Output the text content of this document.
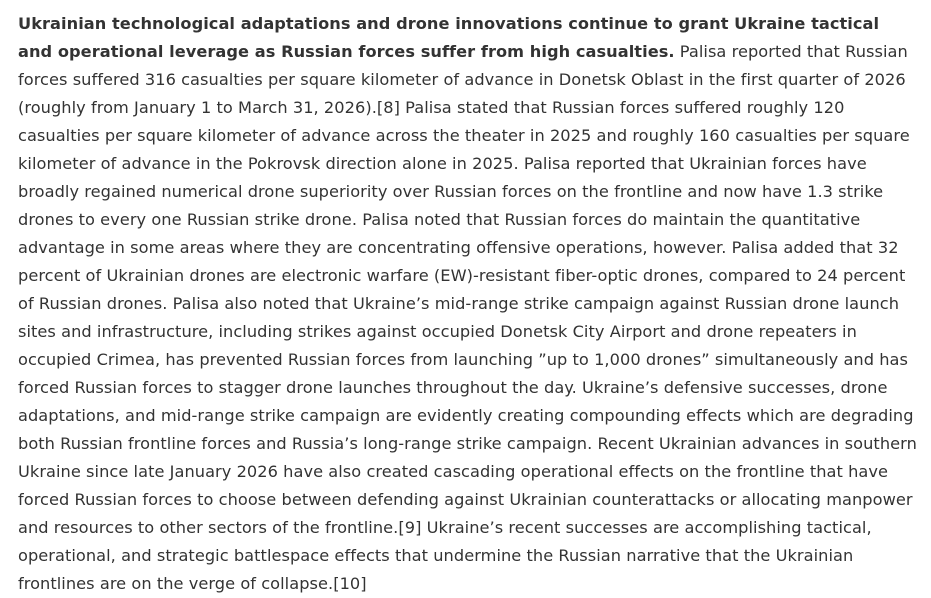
Ukrainian technological adaptations and drone innovations continue to grant Ukraine tactical and operational leverage as Russian forces suffer from high casualties. Palisa reported that Russian forces suffered 316 casualties per square kilometer of advance in Donetsk Oblast in the first quarter of 2026 (roughly from January 1 to March 31, 2026).[8] Palisa stated that Russian forces suffered roughly 120 casualties per square kilometer of advance across the theater in 2025 and roughly 160 casualties per square kilometer of advance in the Pokrovsk direction alone in 2025. Palisa reported that Ukrainian forces have broadly regained numerical drone superiority over Russian forces on the frontline and now have 1.3 strike drones to every one Russian strike drone. Palisa noted that Russian forces do maintain the quantitative advantage in some areas where they are concentrating offensive operations, however. Palisa added that 32 percent of Ukrainian drones are electronic warfare (EW)-resistant fiber-optic drones, compared to 24 percent of Russian drones. Palisa also noted that Ukraine’s mid-range strike campaign against Russian drone launch sites and infrastructure, including strikes against occupied Donetsk City Airport and drone repeaters in occupied Crimea, has prevented Russian forces from launching ”up to 1,000 drones” simultaneously and has forced Russian forces to stagger drone launches throughout the day. Ukraine’s defensive successes, drone adaptations, and mid-range strike campaign are evidently creating compounding effects which are degrading both Russian frontline forces and Russia’s long-range strike campaign. Recent Ukrainian advances in southern Ukraine since late January 2026 have also created cascading operational effects on the frontline that have forced Russian forces to choose between defending against Ukrainian counterattacks or allocating manpower and resources to other sectors of the frontline.[9] Ukraine’s recent successes are accomplishing tactical, operational, and strategic battlespace effects that undermine the Russian narrative that the Ukrainian frontlines are on the verge of collapse.[10]
